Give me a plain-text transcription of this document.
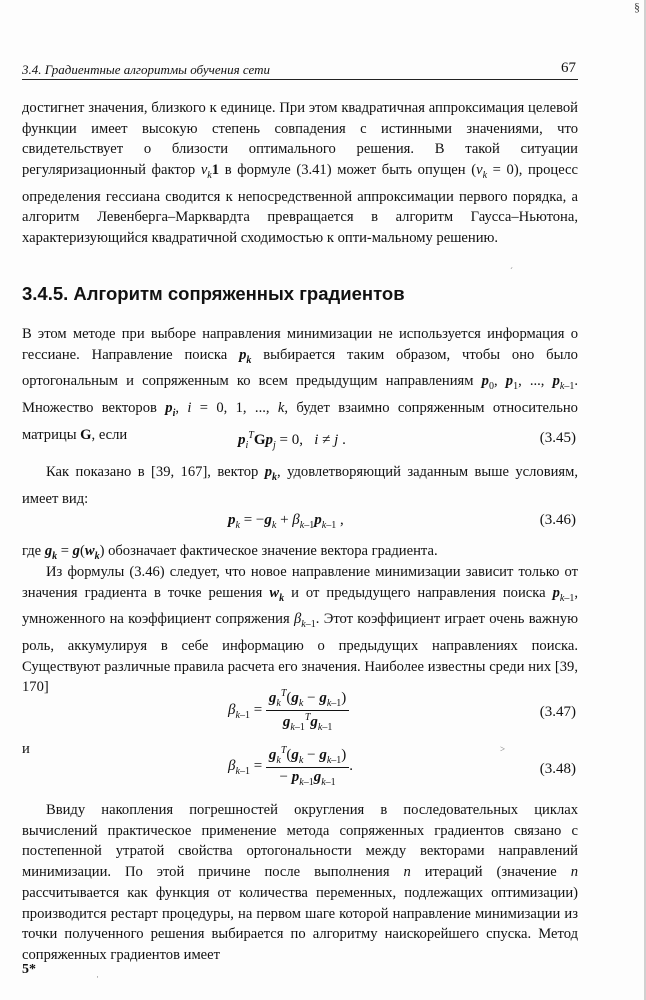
§
3.4. Градиентные алгоритмы обучения сети	67

достигнет значения, близкого к единице. При этом квадратичная аппроксимация целевой функции имеет высокую степень совпадения с истинными значениями, что свидетельствует о близости оптимального решения. В такой ситуации регуляризационный фактор $v_k1$ в формуле (3.41) может быть опущен $(v_k = 0)$, процесс определения гессиана сводится к непосредственной аппроксимации первого порядка, а алгоритм Левенберга–Марквардта превращается в алгоритм Гаусса–Ньютона, характеризующийся квадратичной сходимостью к опти-мальному решению.

3.4.5. Алгоритм сопряженных градиентов

В этом методе при выборе направления минимизации не используется информация о гессиане. Направление поиска $p_k$ выбирается таким образом, чтобы оно было ортогональным и сопряженным ко всем предыдущим направлениям $p_0$, $p_1$, ..., $p_{k-1}$. Множество векторов $p_i$, i = 0, 1, ..., k, будет взаимно сопряженным относительно матрицы G, если	$p_i^TGp_j = 0$,   i ≠ j .	(3.45)

Как показано в [39, 167], вектор $p_k$, удовлетворяющий заданным выше условиям, имеет вид:

$p_k = -g_k + \beta_{k-1}p_{k-1}$ ,	(3.46)

где $g_k = g(w_k)$ обозначает фактическое значение вектора градиента.

Из формулы (3.46) следует, что новое направление минимизации зависит только от значения градиента в точке решения $w_k$ и от предыдущего направления поиска $p_{k-1}$, умноженного на коэффициент сопряжения $\beta_{k-1}$. Этот коэффициент играет очень важную роль, аккумулируя в себе информацию о предыдущих направлениях поиска. Существуют различные правила расчета его значения. Наиболее известны среди них [39, 170]

$\beta_{k-1} = \frac{g_k^T(g_k - g_{k-1})}{g_{k-1}^Tg_{k-1}}$	(3.47)
и
$\beta_{k-1} = \frac{g_k^T(g_k - g_{k-1})}{- p_{k-1}g_{k-1}}$ .	(3.48)

Ввиду накопления погрешностей округления в последовательных циклах вычислений практическое применение метода сопряженных градиентов связано с постепенной утратой свойства ортогональности между векторами направлений минимизации. По этой причине после выполнения n итераций (значение n рассчитывается как функция от количества переменных, подлежащих оптимизации) производится рестарт процедуры, на первом шаге которой направление минимизации из точки полученного решения выбирается по алгоритму наискорейшего спуска. Метод сопряженных градиентов имеет

5*
´
˃
·
